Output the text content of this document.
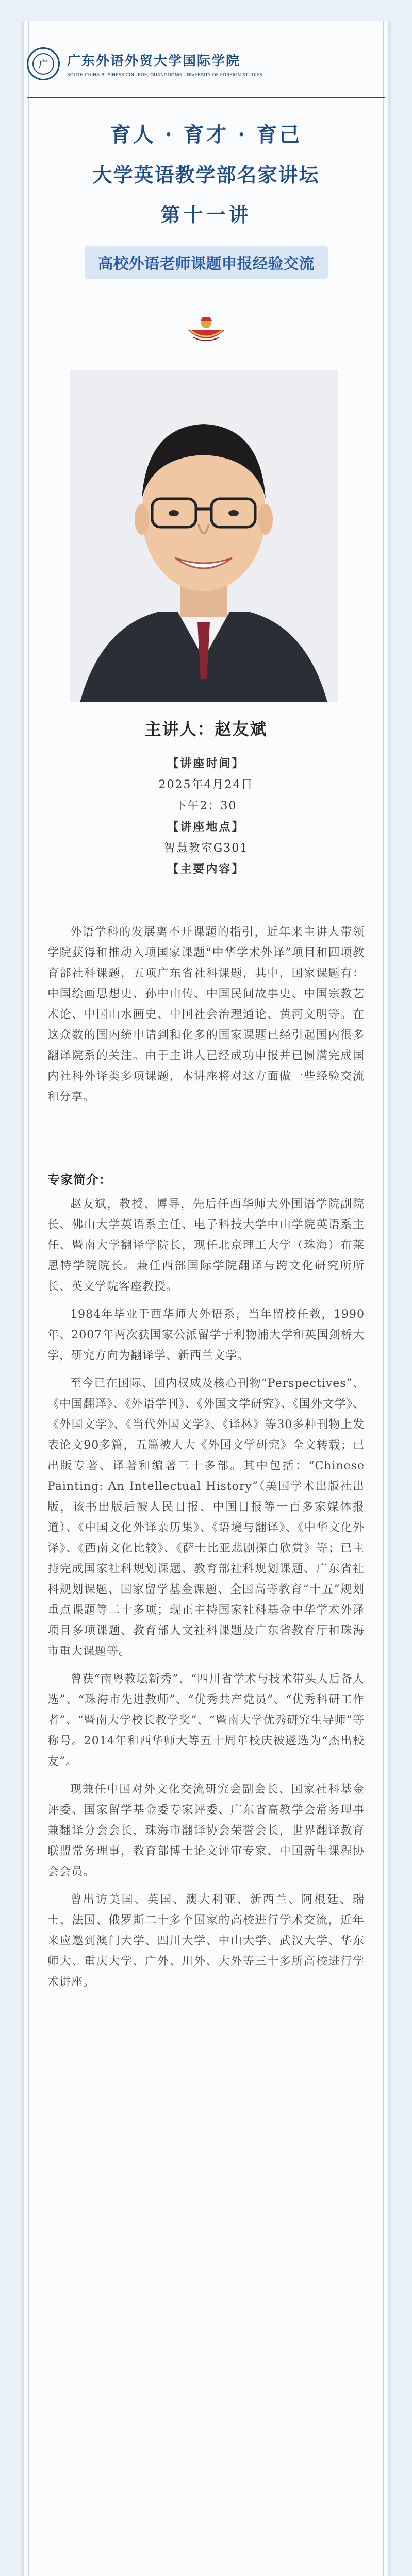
广	广东外语外贸大学国际学院
SOUTH CHINA BUSINESS COLLEGE, GUANGDONG UNIVERSITY OF FOREIGN STUDIES
育人 · 育才 · 育己
大学英语教学部名家讲坛
第十一讲
高校外语老师课题申报经验交流
主讲人：赵友斌
【讲座时间】
2025年4月24日
下午2：30
【讲座地点】
智慧教室G301
【主要内容】

外语学科的发展离不开课题的指引，近年来主讲人带领学院获得和推动入项国家课题“中华学术外译”项目和四项教育部社科课题，五项广东省社科课题，其中，国家课题有：中国绘画思想史、孙中山传、中国民间故事史、中国宗教艺术论、中国山水画史、中国社会治理通论、黄河文明等。在这众数的国内统申请到和化多的国家课题已经引起国内很多翻译院系的关注。由于主讲人已经成功申报并已圆满完成国内社科外译类多项课题，本讲座将对这方面做一些经验交流和分享。

专家简介：

赵友斌，教授、博导，先后任西华师大外国语学院副院长、佛山大学英语系主任、电子科技大学中山学院英语系主任、暨南大学翻译学院长，现任北京理工大学（珠海）布莱恩特学院院长。兼任西部国际学院翻译与跨文化研究所所长、英文学院客座教授。

1984年毕业于西华师大外语系，当年留校任教，1990年、2007年两次获国家公派留学于利物浦大学和英国剑桥大学，研究方向为翻译学、新西兰文学。

至今已在国际、国内权威及核心刊物“Perspectives”、《中国翻译》、《外语学刊》、《外国文学研究》、《国外文学》、《外国文学》、《当代外国文学》、《译林》等30多种刊物上发表论文90多篇，五篇被人大《外国文学研究》全文转载；已出版专著、译著和编著三十多部。其中包括：“Chinese Painting: An Intellectual History”（美国学术出版社出版，该书出版后被人民日报、中国日报等一百多家媒体报道）、《中国文化外译亲历集》、《语境与翻译》、《中华文化外译》、《西南文化比较》、《萨士比亚悲剧探白欣赏》等；已主持完成国家社科规划课题、教育部社科规划课题、广东省社科规划课题、国家留学基金课题、全国高等教育“十五”规划重点课题等二十多项；现正主持国家社科基金中华学术外译项目多项课题、教育部人文社科课题及广东省教育厅和珠海市重大课题等。

曾获“南粤教坛新秀”、“四川省学术与技术带头人后备人选”、“珠海市先进教师”、“优秀共产党员”、“优秀科研工作者”、“暨南大学校长教学奖”、“暨南大学优秀研究生导师”等称号。2014年和西华师大等五十周年校庆被遴选为“杰出校友”。

现兼任中国对外文化交流研究会副会长、国家社科基金评委、国家留学基金委专家评委、广东省高教学会常务理事兼翻译分会会长，珠海市翻译协会荣誉会长，世界翻译教育联盟常务理事，教育部博士论文评审专家、中国新生课程协会会员。

曾出访美国、英国、澳大利亚、新西兰、阿根廷、瑞士、法国、俄罗斯二十多个国家的高校进行学术交流，近年来应邀到澳门大学、四川大学、中山大学、武汉大学、华东师大、重庆大学、广外、川外、大外等三十多所高校进行学术讲座。
